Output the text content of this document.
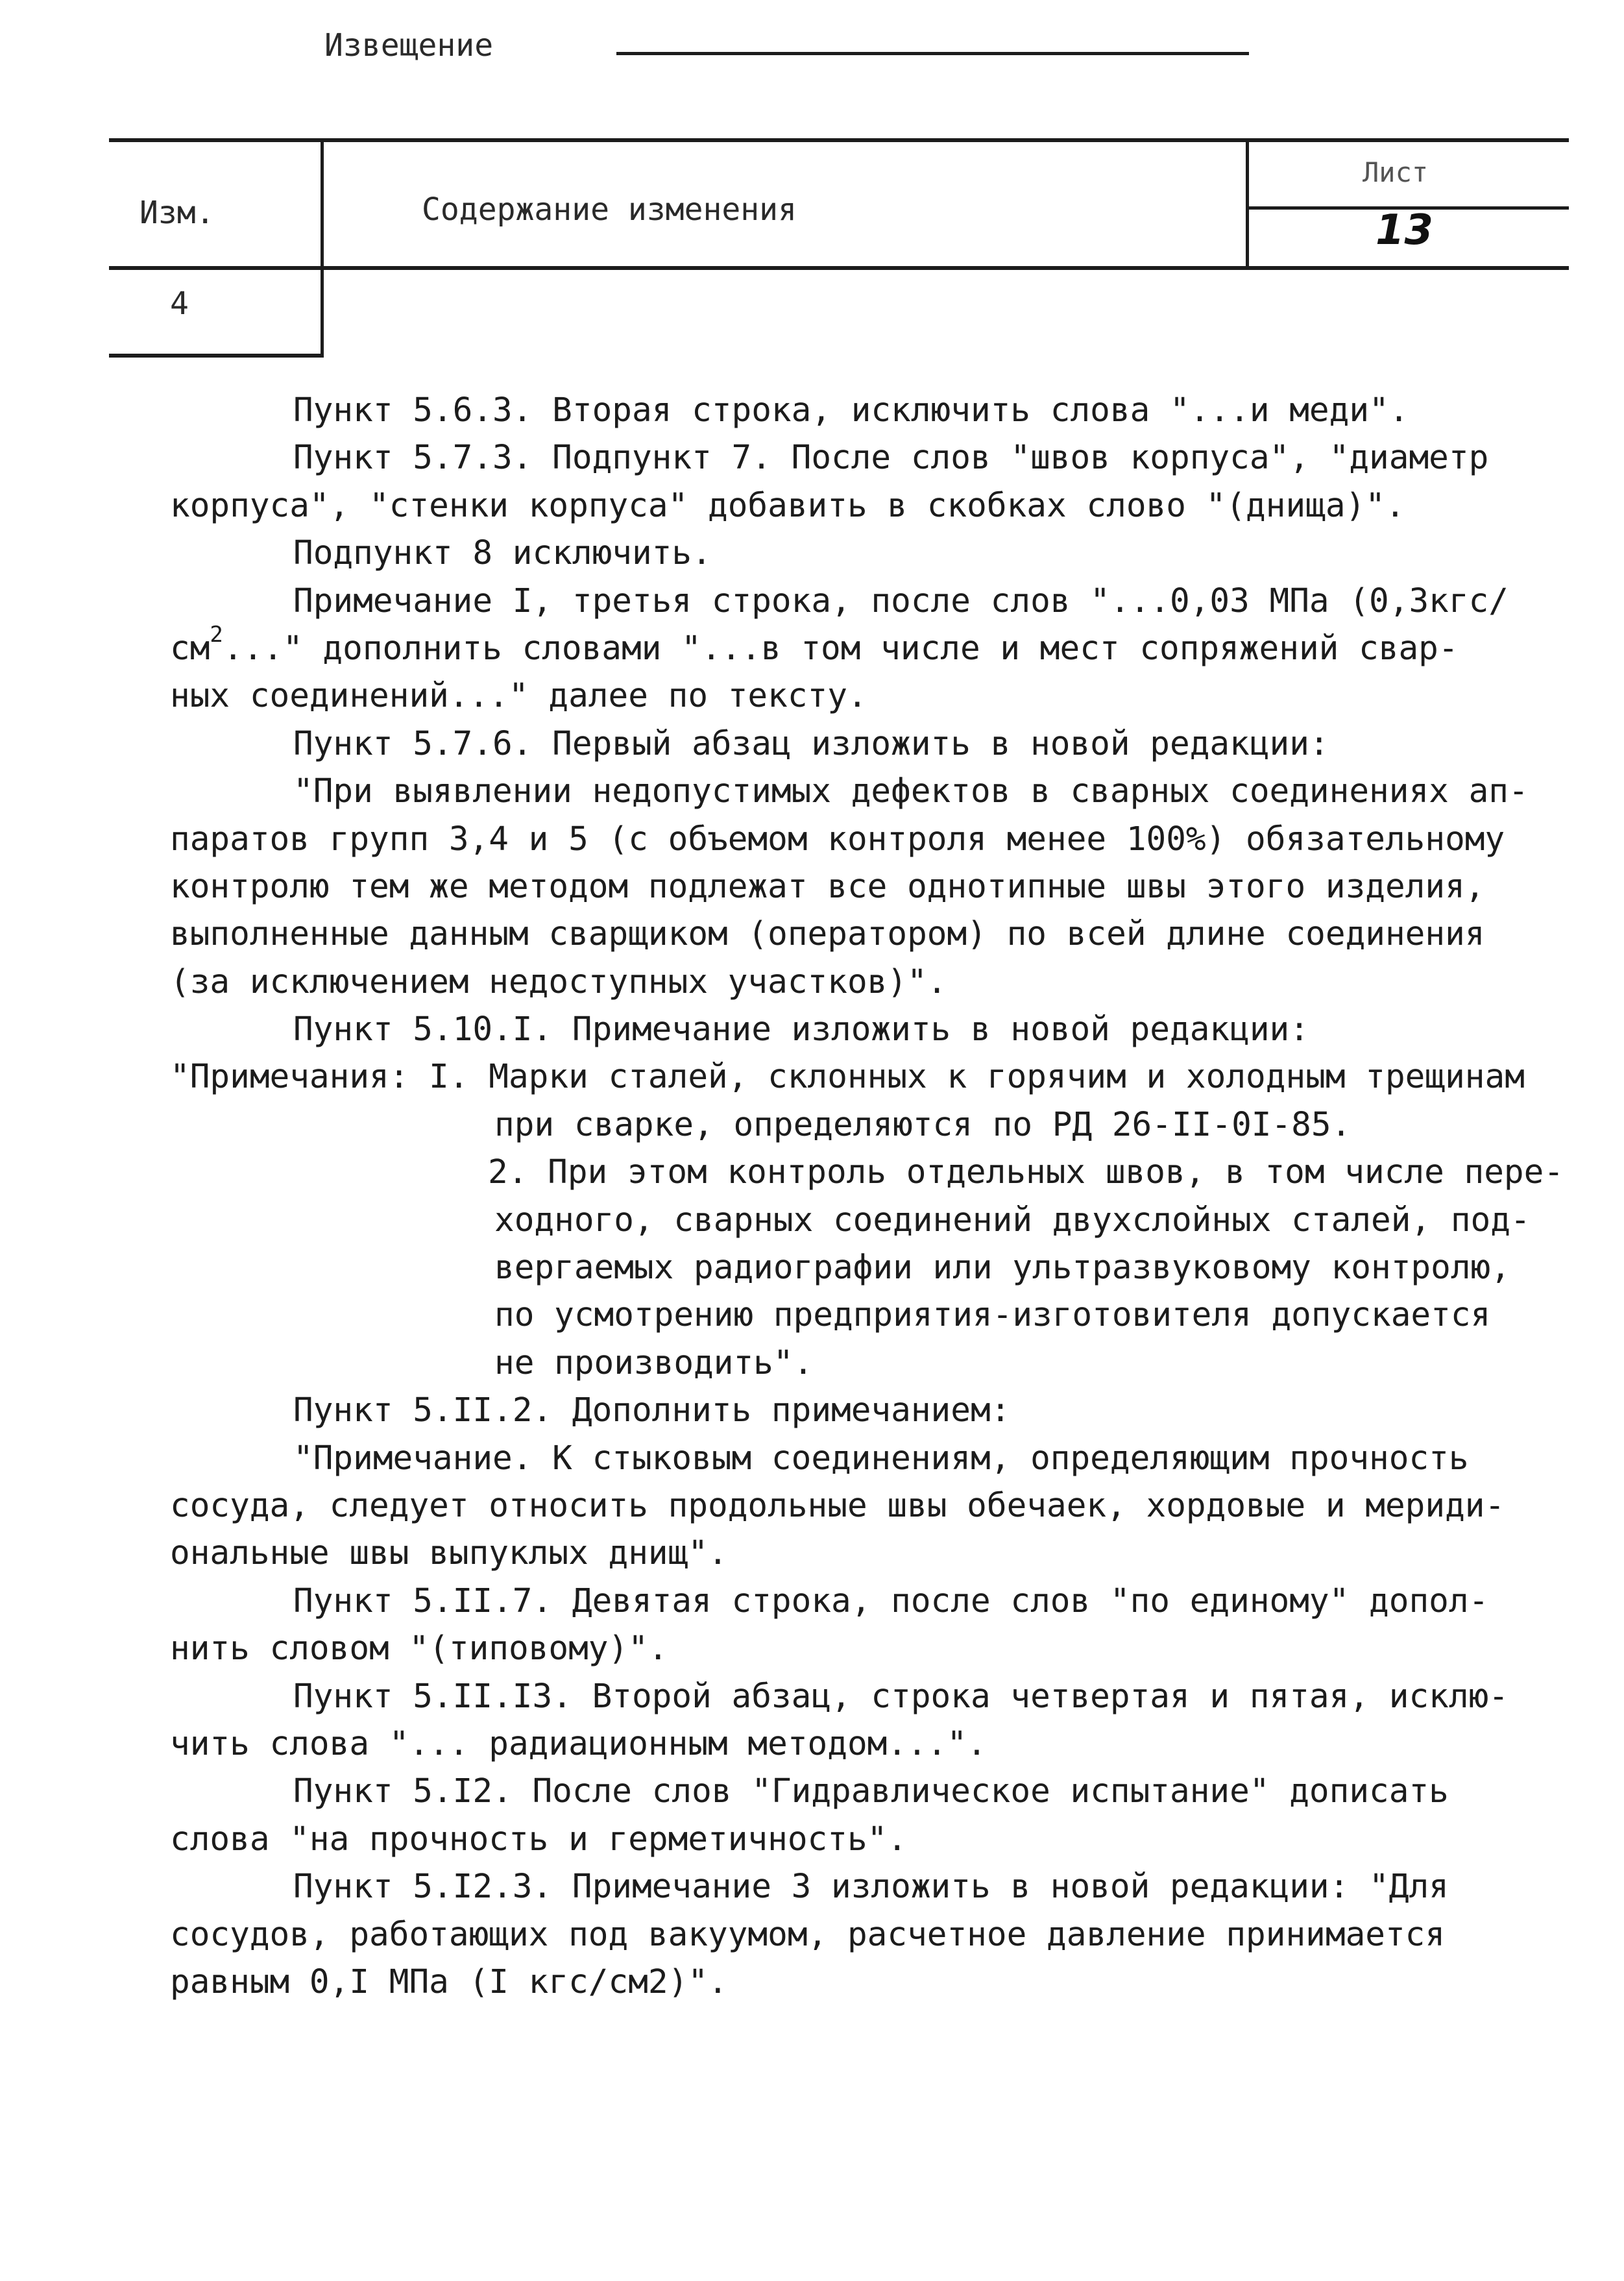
Извещение
Изм.	Содержание изменения
Лист
13
4
Пункт 5.6.3. Вторая строка, исключить слова "...и меди".
Пункт 5.7.3. Подпункт 7. После слов "швов корпуса", "диаметр
корпуса", "стенки корпуса" добавить в скобках слово "(днища)".
Подпункт 8 исключить.
Примечание I, третья строка, после слов "...0,03 МПа (0,3кгс/
$см^2$..." дополнить словами "...в том числе и мест сопряжений свар-
ных соединений..." далее по тексту.
Пункт 5.7.6. Первый абзац изложить в новой редакции:
"При выявлении недопустимых дефектов в сварных соединениях ап-
паратов групп 3,4 и 5 (с объемом контроля менее 100%) обязательному
контролю тем же методом подлежат все однотипные швы этого изделия,
выполненные данным сварщиком (оператором) по всей длине соединения
(за исключением недоступных участков)".
Пункт 5.10.I. Примечание изложить в новой редакции:
"Примечания: I. Марки сталей, склонных к горячим и холодным трещинам
при сварке, определяются по РД 26-II-0I-85.
2. При этом контроль отдельных швов, в том числе пере-
ходного, сварных соединений двухслойных сталей, под-
вергаемых радиографии или ультразвуковому контролю,
по усмотрению предприятия-изготовителя допускается
не производить".
Пункт 5.II.2. Дополнить примечанием:
"Примечание. К стыковым соединениям, определяющим прочность
сосуда, следует относить продольные швы обечаек, хордовые и мериди-
ональные швы выпуклых днищ".
Пункт 5.II.7. Девятая строка, после слов "по единому" допол-
нить словом "(типовому)".
Пункт 5.II.I3. Второй абзац, строка четвертая и пятая, исклю-
чить слова "... радиационным методом...".
Пункт 5.I2. После слов "Гидравлическое испытание" дописать
слова "на прочность и герметичность".
Пункт 5.I2.3. Примечание 3 изложить в новой редакции: "Для
сосудов, работающих под вакуумом, расчетное давление принимается
равным 0,I МПа (I кгс/см2)".
